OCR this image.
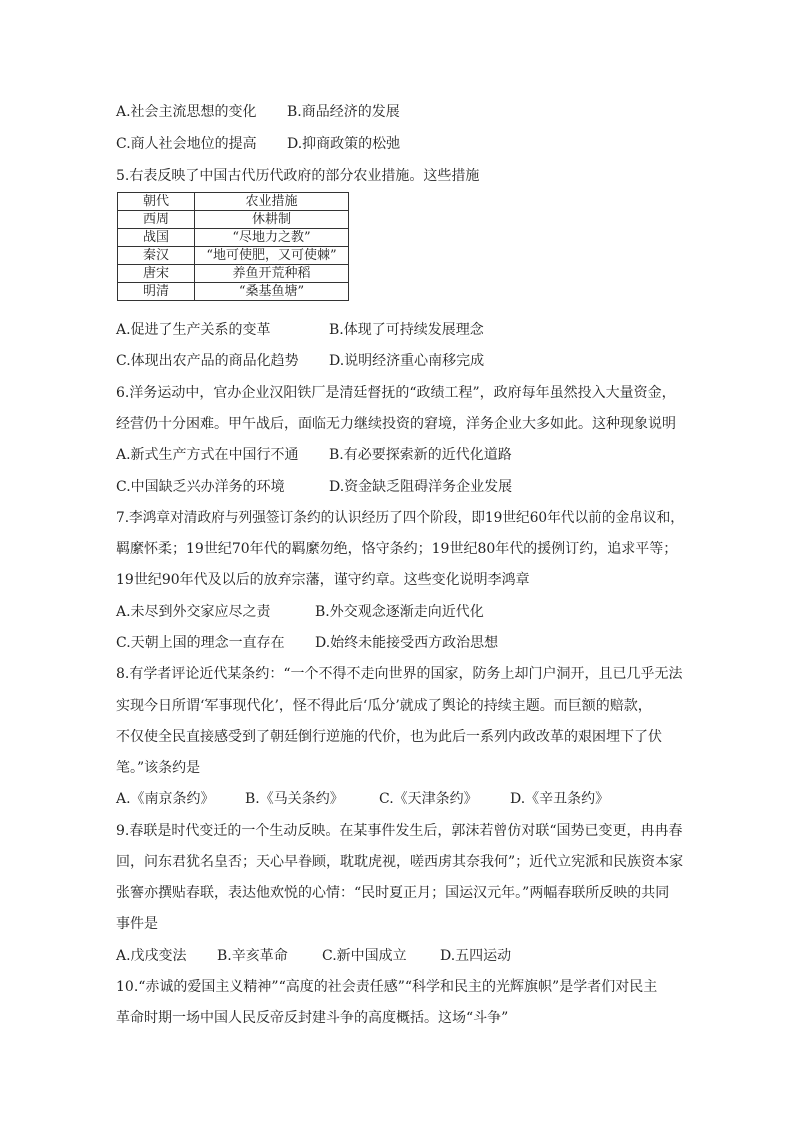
A.社会主流思想的变化 B.商品经济的发展
C.商人社会地位的提高 D.抑商政策的松弛
5.右表反映了中国古代历代政府的部分农业措施。这些措施
朝代	农业措施
西周	休耕制
战国	“尽地力之教”
秦汉	“地可使肥，又可使棘”
唐宋	养鱼开荒种稻
明清	“桑基鱼塘”
A.促进了生产关系的变革	B.体现了可持续发展理念
C.体现出农产品的商品化趋势 D.说明经济重心南移完成
6.洋务运动中，官办企业汉阳铁厂是清廷督抚的“政绩工程”，政府每年虽然投入大量资金，
经营仍十分困难。甲午战后，面临无力继续投资的窘境，洋务企业大多如此。这种现象说明
A.新式生产方式在中国行不通 B.有必要探索新的近代化道路
C.中国缺乏兴办洋务的环境	D.资金缺乏阻碍洋务企业发展
7.李鸿章对清政府与列强签订条约的认识经历了四个阶段，即19世纪60年代以前的金帛议和，
羁縻怀柔；19世纪70年代的羁縻勿绝，恪守条约；19世纪80年代的援例订约，追求平等；
19世纪90年代及以后的放弃宗藩，谨守约章。这些变化说明李鸿章
A.未尽到外交家应尽之责	B.外交观念逐渐走向近代化
C.天朝上国的理念一直存在 D.始终未能接受西方政治思想
8.有学者评论近代某条约：“一个不得不走向世界的国家，防务上却门户洞开，且已几乎无法
实现今日所谓‘军事现代化’，怪不得此后‘瓜分’就成了舆论的持续主题。而巨额的赔款，
不仅使全民直接感受到了朝廷倒行逆施的代价，也为此后一系列内政改革的艰困埋下了伏
笔。”该条约是
A.《南京条约》 B.《马关条约》	C.《天津条约》 D.《辛丑条约》
9.春联是时代变迁的一个生动反映。在某事件发生后，郭沫若曾仿对联“国势已变更，冉冉春
回，问东君犹名皇否；天心早眷顾，耽耽虎视，嗟西虏其奈我何”；近代立宪派和民族资本家
张謇亦撰贴春联，表达他欢悦的心情：“民时夏正月；国运汉元年。”两幅春联所反映的共同
事件是
A.戊戌变法 B.辛亥革命 C.新中国成立 D.五四运动
10.“赤诚的爱国主义精神”“高度的社会责任感”“科学和民主的光辉旗帜”是学者们对民主
革命时期一场中国人民反帝反封建斗争的高度概括。这场“斗争”
